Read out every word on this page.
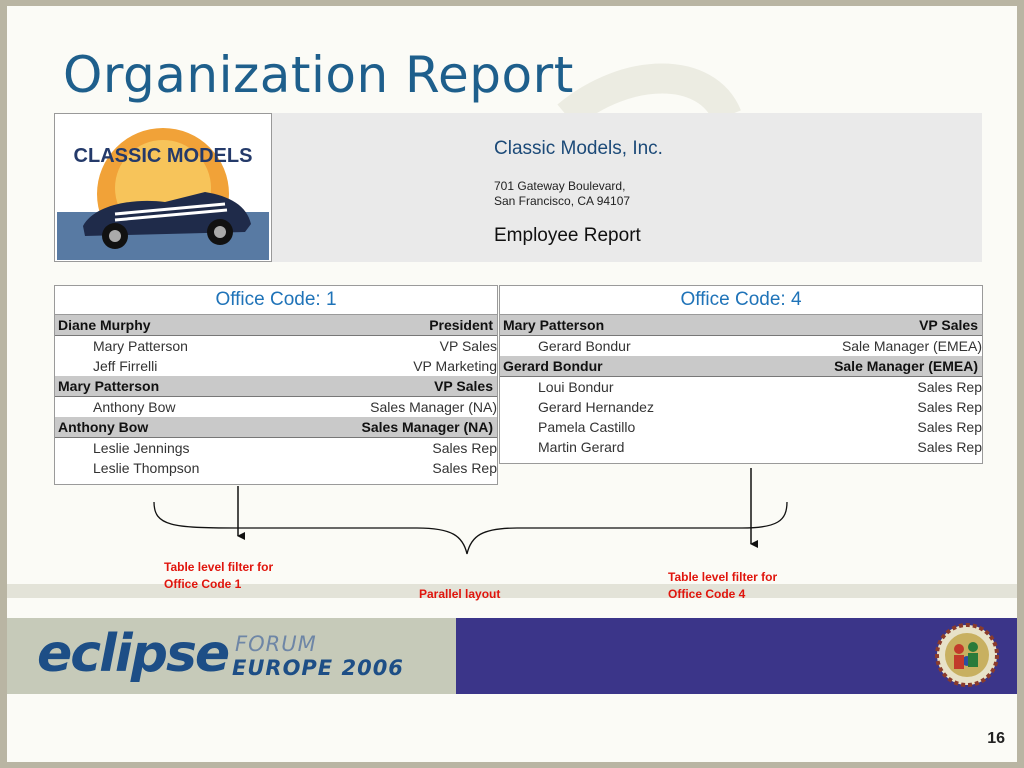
Organization Report
CLASSIC MODELS	Classic Models, Inc.
701 Gateway Boulevard,
San Francisco, CA 94107
Employee Report
Office Code: 1
Diane Murphy	President
Mary Patterson	VP Sales
Jeff Firrelli	VP Marketing
Mary Patterson	VP Sales
Anthony Bow	Sales Manager (NA)
Anthony Bow	Sales Manager (NA)
Leslie Jennings	Sales Rep
Leslie Thompson	Sales Rep
Office Code: 4
Mary Patterson	VP Sales
Gerard Bondur	Sale Manager (EMEA)
Gerard Bondur	Sale Manager (EMEA)
Loui Bondur	Sales Rep
Gerard Hernandez	Sales Rep
Pamela Castillo	Sales Rep
Martin Gerard	Sales Rep
Table level filter for
Office Code 1
Parallel layout
Table level filter for
Office Code 4
eclipse FORUM
EUROPE 2006
16
